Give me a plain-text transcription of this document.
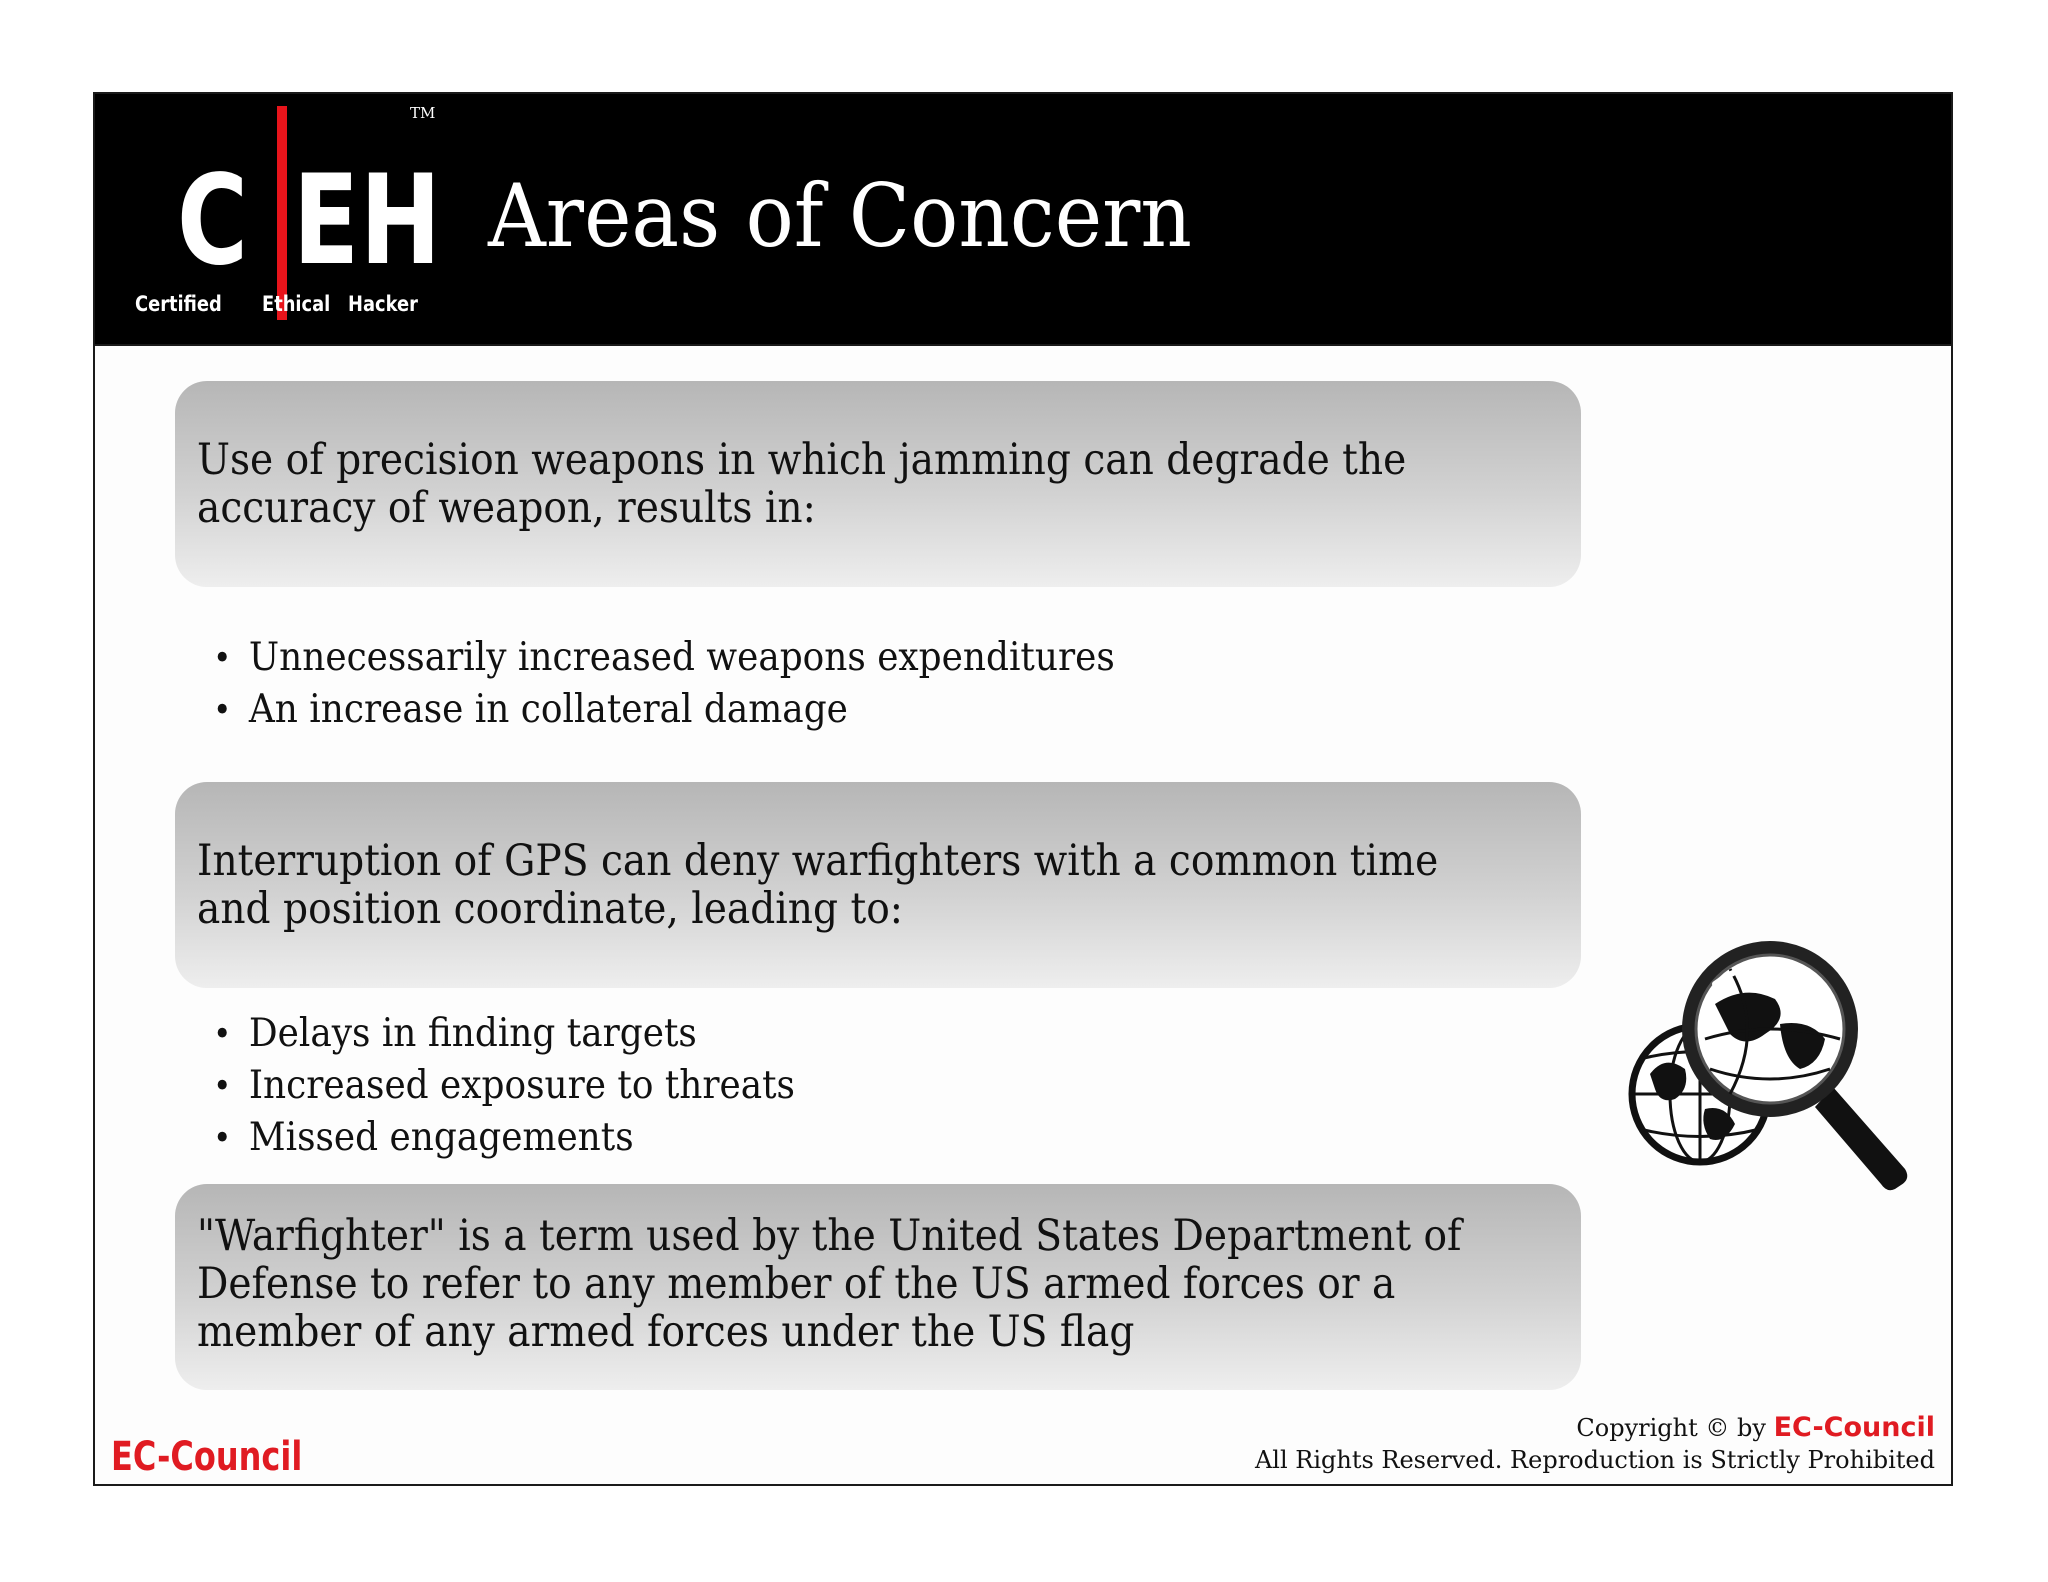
C E H
TM
Certified Ethical Hacker
Areas of Concern
Use of precision weapons in which jamming can degrade the
accuracy of weapon, results in:
• Unnecessarily increased weapons expenditures
• An increase in collateral damage
Interruption of GPS can deny warfighters with a common time
and position coordinate, leading to:
• Delays in finding targets
• Increased exposure to threats
• Missed engagements
"Warfighter" is a term used by the United States Department of
Defense to refer to any member of the US armed forces or a
member of any armed forces under the US flag
EC-Council
Copyright © by EC-Council
All Rights Reserved. Reproduction is Strictly Prohibited
